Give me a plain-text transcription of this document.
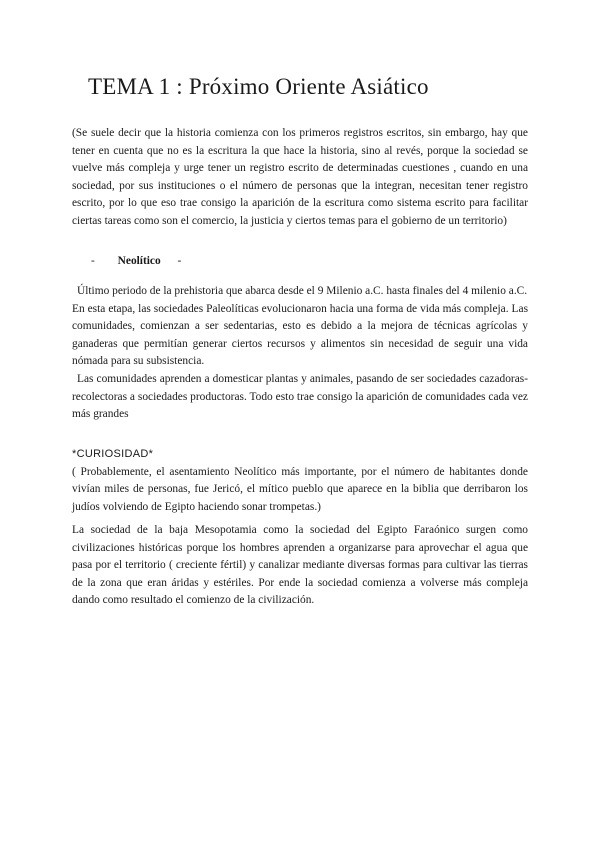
TEMA 1 : Próximo Oriente Asiático

(Se suele decir que la historia comienza con los primeros registros escritos, sin embargo, hay que tener en cuenta que no es la escritura la que hace la historia, sino al revés, porque la sociedad se vuelve más compleja y urge tener un registro escrito de determinadas cuestiones , cuando en una sociedad, por sus instituciones o el número de personas que la integran, necesitan tener registro escrito, por lo que eso trae consigo la aparición de la escritura como sistema escrito para facilitar ciertas tareas como son el comercio, la justicia y ciertos temas para el gobierno de un territorio)

- Neolítico -

Último periodo de la prehistoria que abarca desde el 9 Milenio a.C. hasta finales del 4 milenio a.C.

En esta etapa, las sociedades Paleolíticas evolucionaron hacia una forma de vida más compleja. Las comunidades, comienzan a ser sedentarias, esto es debido a la mejora de técnicas agrícolas y ganaderas que permitían generar ciertos recursos y alimentos sin necesidad de seguir una vida nómada para su subsistencia.

Las comunidades aprenden a domesticar plantas y animales, pasando de ser sociedades cazadoras-recolectoras a sociedades productoras. Todo esto trae consigo la aparición de comunidades cada vez más grandes

*CURIOSIDAD*

( Probablemente, el asentamiento Neolítico más importante, por el número de habitantes donde vivían miles de personas, fue Jericó, el mítico pueblo que aparece en la biblia que derribaron los judíos volviendo de Egipto haciendo sonar trompetas.)

La sociedad de la baja Mesopotamia como la sociedad del Egipto Faraónico surgen como civilizaciones históricas porque los hombres aprenden a organizarse para aprovechar el agua que pasa por el territorio ( creciente fértil) y canalizar mediante diversas formas para cultivar las tierras de la zona que eran áridas y estériles. Por ende la sociedad comienza a volverse más compleja dando como resultado el comienzo de la civilización.
